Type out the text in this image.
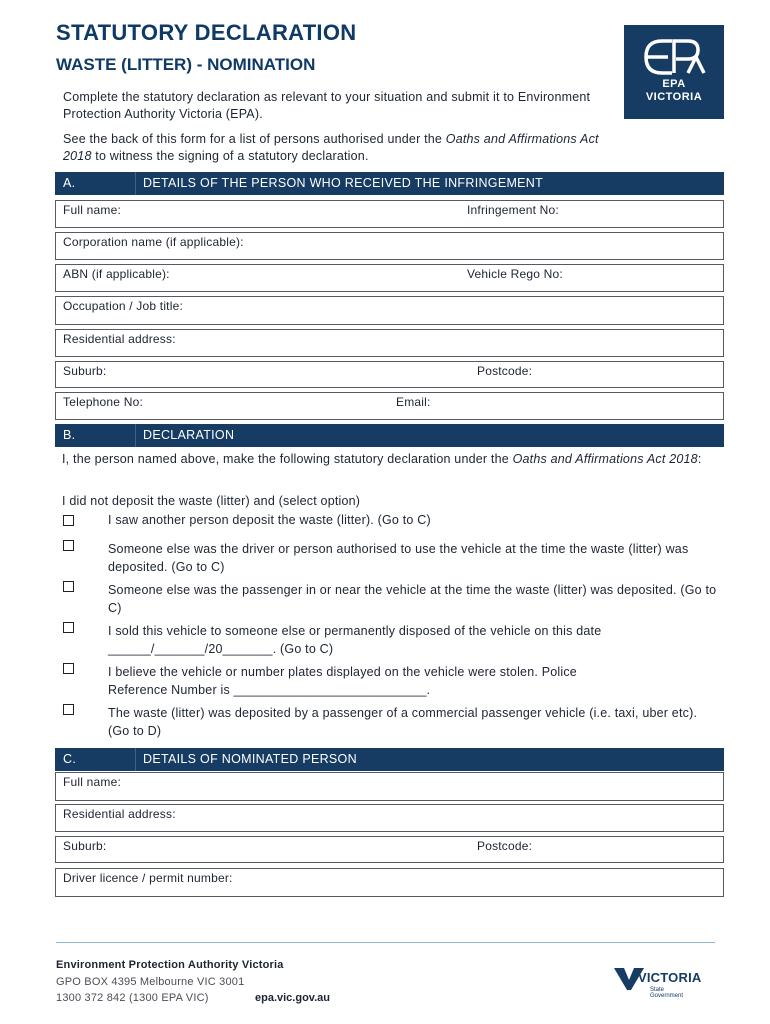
STATUTORY DECLARATION
WASTE (LITTER) - NOMINATION
EPA
VICTORIA
Complete the statutory declaration as relevant to your situation and submit it to Environment Protection Authority Victoria (EPA).
See the back of this form for a list of persons authorised under the Oaths and Affirmations Act 2018 to witness the signing of a statutory declaration.
A.	DETAILS OF THE PERSON WHO RECEIVED THE INFRINGEMENT
Full name:	Infringement No:
Corporation name (if applicable):
ABN (if applicable):	Vehicle Rego No:
Occupation / Job title:
Residential address:
Suburb:	Postcode:
Telephone No:	Email:
B.	DECLARATION
I, the person named above, make the following statutory declaration under the Oaths and Affirmations Act 2018:
I did not deposit the waste (litter) and (select option)
I saw another person deposit the waste (litter). (Go to C)
Someone else was the driver or person authorised to use the vehicle at the time the waste (litter) was deposited. (Go to C)
Someone else was the passenger in or near the vehicle at the time the waste (litter) was deposited. (Go to C)
I sold this vehicle to someone else or permanently disposed of the vehicle on this date
______/_______/20_______. (Go to C)
I believe the vehicle or number plates displayed on the vehicle were stolen. Police
Reference Number is ___________________________.
The waste (litter) was deposited by a passenger of a commercial passenger vehicle (i.e. taxi, uber etc). (Go to D)
C.	DETAILS OF NOMINATED PERSON
Full name:
Residential address:
Suburb:	Postcode:
Driver licence / permit number:
Environment Protection Authority Victoria
GPO BOX 4395 Melbourne VIC 3001
1300 372 842 (1300 EPA VIC)	epa.vic.gov.au
VICTORIA
State
Government
